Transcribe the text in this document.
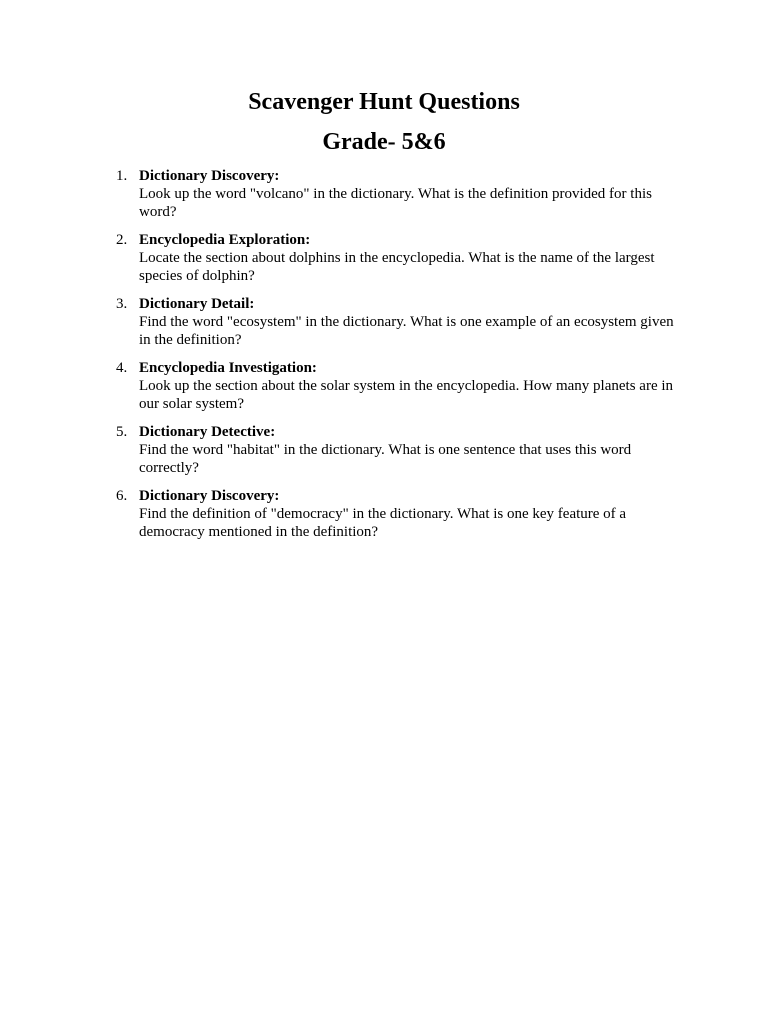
Scavenger Hunt Questions
Grade- 5&6
1. Dictionary Discovery:
Look up the word "volcano" in the dictionary. What is the definition provided for this word?
2. Encyclopedia Exploration:
Locate the section about dolphins in the encyclopedia. What is the name of the largest species of dolphin?
3. Dictionary Detail:
Find the word "ecosystem" in the dictionary. What is one example of an ecosystem given in the definition?
4. Encyclopedia Investigation:
Look up the section about the solar system in the encyclopedia. How many planets are in our solar system?
5. Dictionary Detective:
Find the word "habitat" in the dictionary. What is one sentence that uses this word correctly?
6. Dictionary Discovery:
Find the definition of "democracy" in the dictionary. What is one key feature of a democracy mentioned in the definition?
